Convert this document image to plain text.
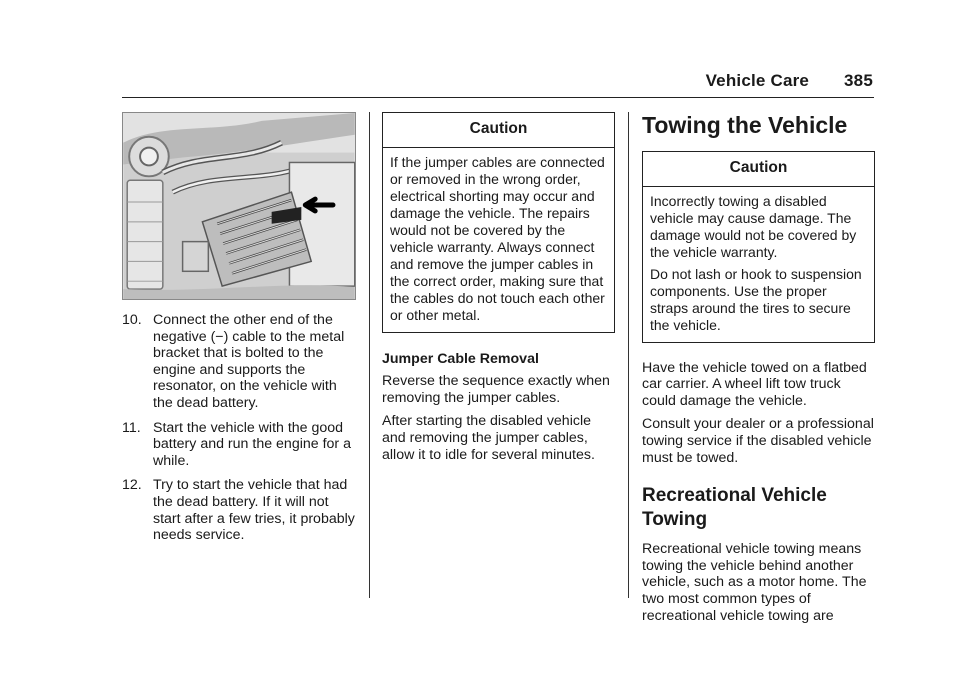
Vehicle Care 385
10. Connect the other end of the negative (−) cable to the metal bracket that is bolted to the engine and supports the resonator, on the vehicle with the dead battery.
11. Start the vehicle with the good battery and run the engine for a while.
12. Try to start the vehicle that had the dead battery. If it will not start after a few tries, it probably needs service.
Caution

If the jumper cables are connected or removed in the wrong order, electrical shorting may occur and damage the vehicle. The repairs would not be covered by the vehicle warranty. Always connect and remove the jumper cables in the correct order, making sure that the cables do not touch each other or other metal.

Jumper Cable Removal

Reverse the sequence exactly when removing the jumper cables.

After starting the disabled vehicle and removing the jumper cables, allow it to idle for several minutes.

Towing the Vehicle
Caution

Incorrectly towing a disabled vehicle may cause damage. The damage would not be covered by the vehicle warranty.

Do not lash or hook to suspension components. Use the proper straps around the tires to secure the vehicle.

Have the vehicle towed on a flatbed car carrier. A wheel lift tow truck could damage the vehicle.

Consult your dealer or a professional towing service if the disabled vehicle must be towed.

Recreational Vehicle Towing

Recreational vehicle towing means towing the vehicle behind another vehicle, such as a motor home. The two most common types of recreational vehicle towing are
